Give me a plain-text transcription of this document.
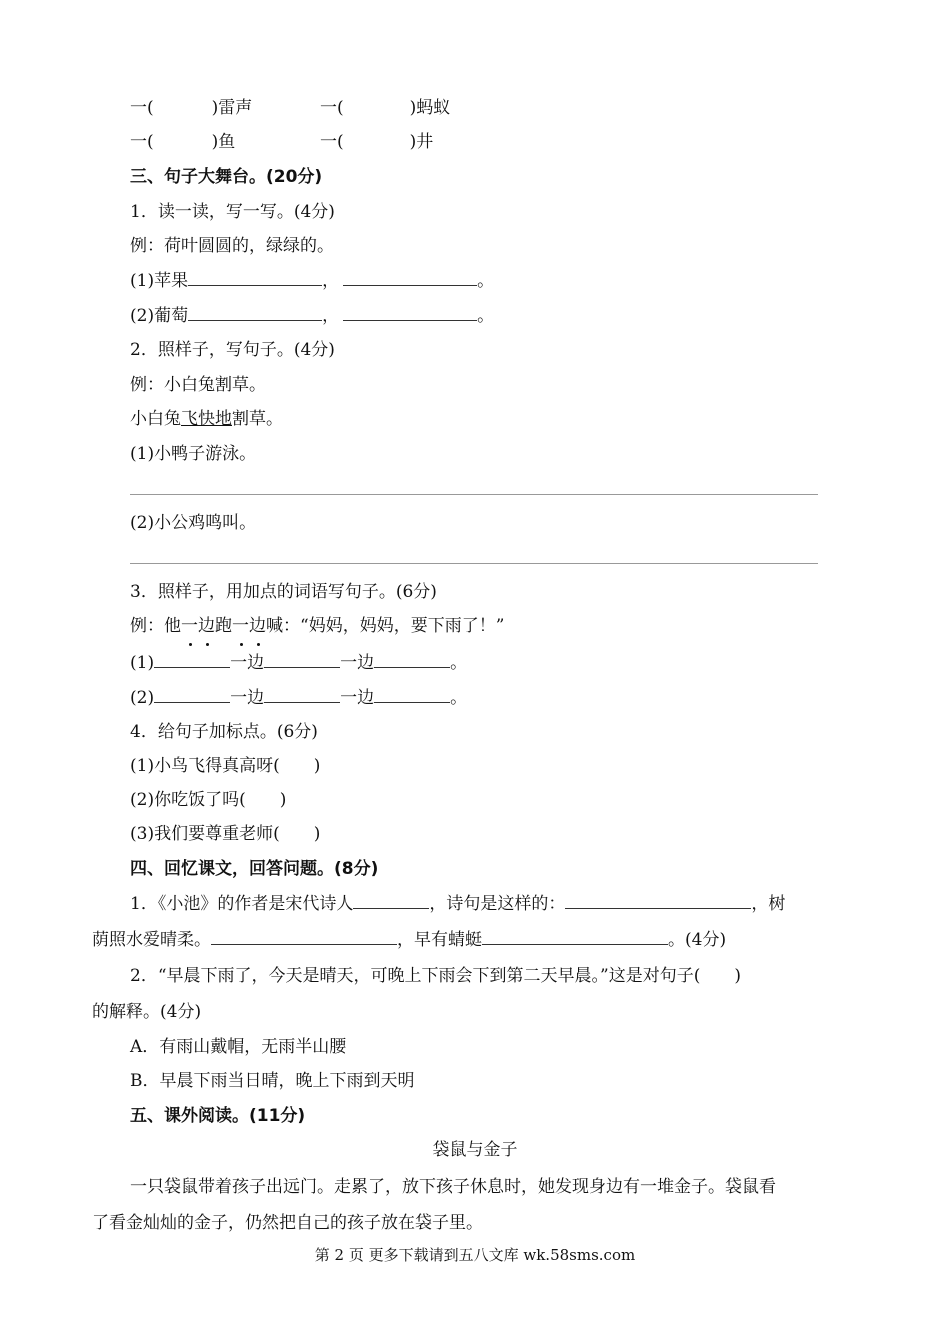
一(	)雷声	一(	)蚂蚁
一(	)鱼	一(	)井
三、句子大舞台。(20分)
1．读一读，写一写。(4分)
例：荷叶圆圆的，绿绿的。
(1)苹果	，	。
(2)葡萄	，	。
2．照样子，写句子。(4分)
例：小白兔割草。
小白兔飞快地割草。
(1)小鸭子游泳。
(2)小公鸡鸣叫。
3．照样子，用加点的词语写句子。(6分)
例：他一边跑一边喊：“妈妈，妈妈，要下雨了！”
(1)	一边	一边	。
(2)	一边	一边	。
4．给句子加标点。(6分)
(1)小鸟飞得真高呀(　　)
(2)你吃饭了吗(　　)
(3)我们要尊重老师(　　)
四、回忆课文，回答问题。(8分)
1．《小池》的作者是宋代诗人	，诗句是这样的：	，树
荫照水爱晴柔。	，早有蜻蜓	。(4分)
2．“早晨下雨了，今天是晴天，可晚上下雨会下到第二天早晨。”这是对句子(　　)
的解释。(4分)
A．有雨山戴帽，无雨半山腰
B．早晨下雨当日晴，晚上下雨到天明
五、课外阅读。(11分)
袋鼠与金子
一只袋鼠带着孩子出远门。走累了，放下孩子休息时，她发现身边有一堆金子。袋鼠看
了看金灿灿的金子，仍然把自己的孩子放在袋子里。
第 2 页 更多下载请到五八文库 wk.58sms.com
